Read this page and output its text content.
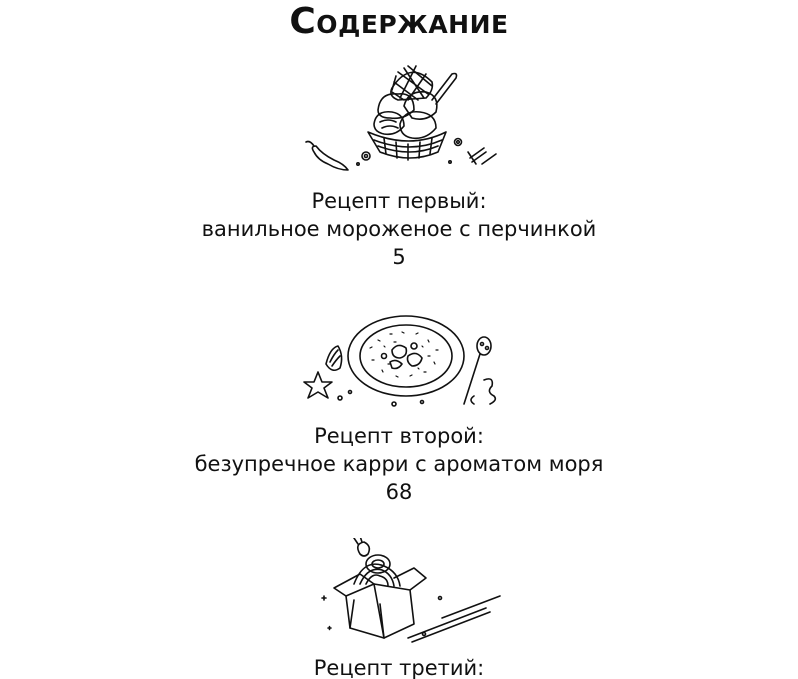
Содержание
Рецепт первый:
ванильное мороженое с перчинкой
5
Рецепт второй:
безупречное карри с ароматом моря
68
Рецепт третий:
